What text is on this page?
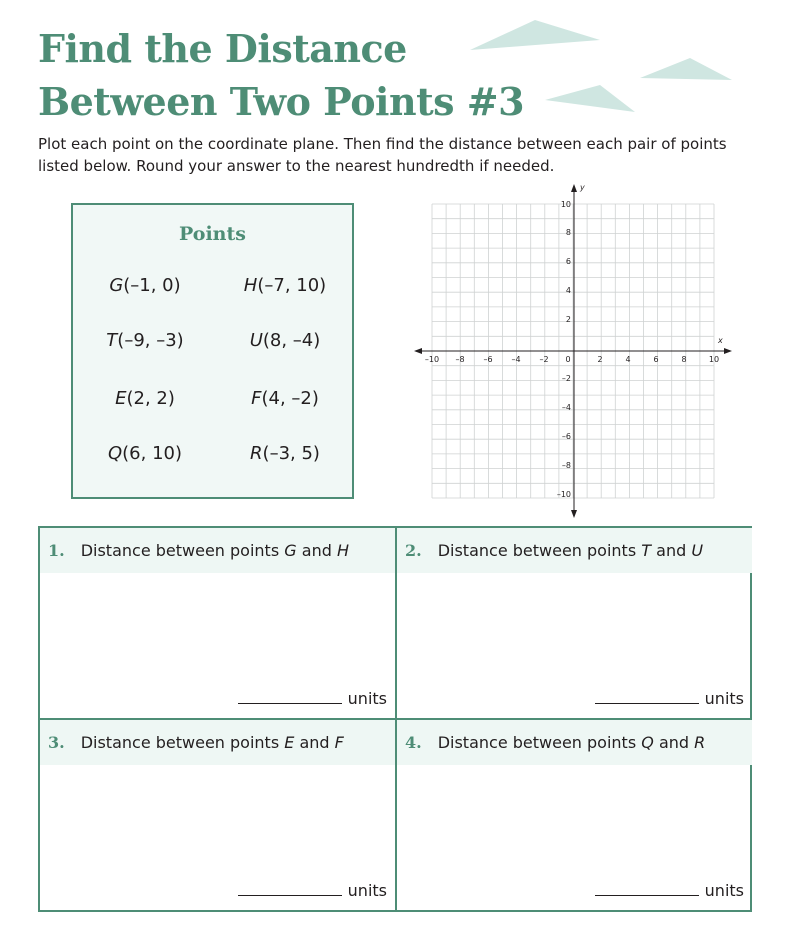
Find the Distance
Between Two Points #3

Plot each point on the coordinate plane. Then find the distance between each pair of points listed below. Round your answer to the nearest hundredth if needed.

Points
G(–1, 0)	H(–7, 10)
T(–9, –3)	U(8, –4)
E(2, 2)	F(4, –2)
Q(6, 10)	R(–3, 5)
x
y
–10 –8 –6 –4 –2	2	4	6	8	10
0
10
8
6
4
2
–2
–4
–6
–8
–10
1. Distance between points G and H
units
2. Distance between points T and U
units
3. Distance between points E and F
units
4. Distance between points Q and R
units
